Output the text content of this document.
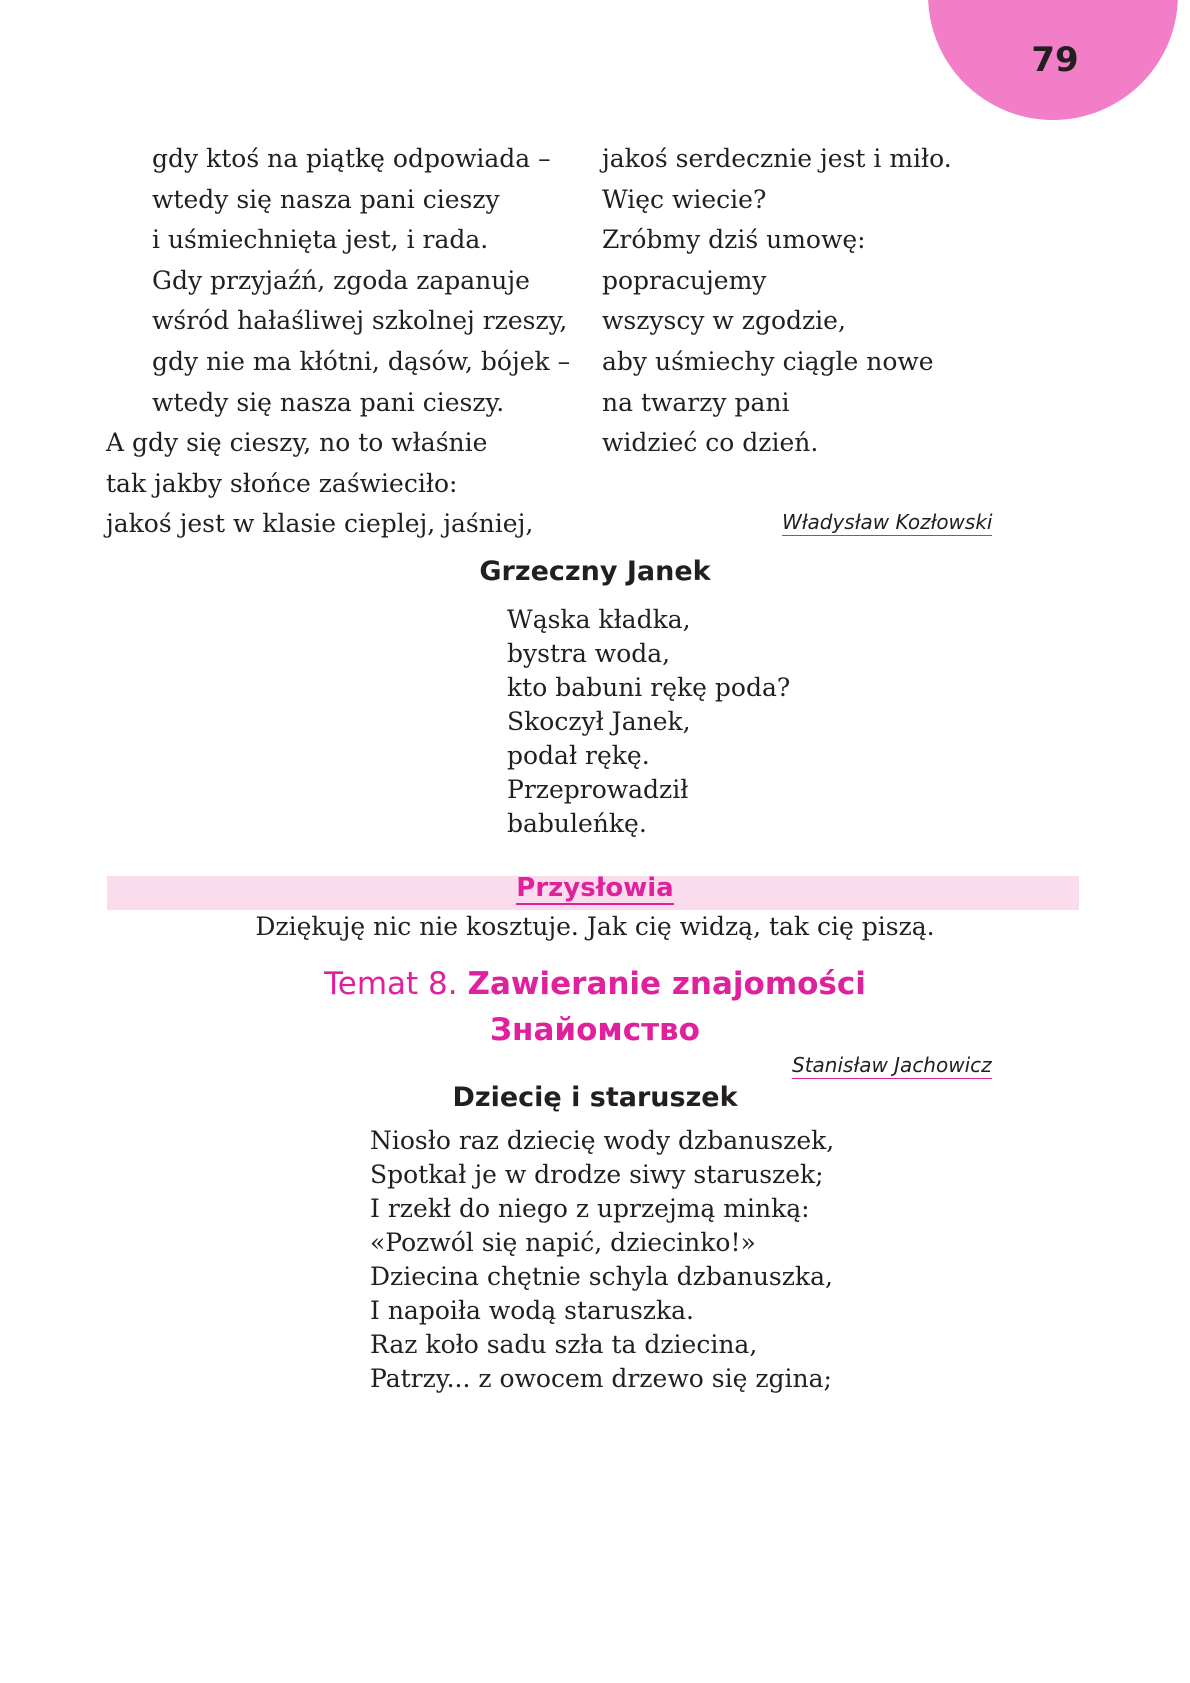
79
gdy ktoś na piątkę odpowiada –
wtedy się nasza pani cieszy
i uśmiechnięta jest, i rada.
Gdy przyjaźń, zgoda zapanuje
wśród hałaśliwej szkolnej rzeszy,
gdy nie ma kłótni, dąsów, bójek –
wtedy się nasza pani cieszy.
A gdy się cieszy, no to właśnie
tak jakby słońce zaświeciło:
jakoś jest w klasie cieplej, jaśniej,
jakoś serdecznie jest i miło.
Więc wiecie?
Zróbmy dziś umowę:
popracujemy
wszyscy w zgodzie,
aby uśmiechy ciągle nowe
na twarzy pani
widzieć co dzień.
Władysław Kozłowski
Grzeczny Janek
Wąska kładka,
bystra woda,
kto babuni rękę poda?
Skoczył Janek,
podał rękę.
Przeprowadził
babuleńkę.
Przysłowia
Dziękuję nic nie kosztuje. Jak cię widzą, tak cię piszą.
Temat 8. Zawieranie znajomości
Знайомство
Stanisław Jachowicz
Dziecię i staruszek
Niosło raz dziecię wody dzbanuszek,
Spotkał je w drodze siwy staruszek;
I rzekł do niego z uprzejmą minką:
«Pozwól się napić, dziecinko!»
Dziecina chętnie schyla dzbanuszka,
I napoiła wodą staruszka.
Raz koło sadu szła ta dziecina,
Patrzy... z owocem drzewo się zgina;
